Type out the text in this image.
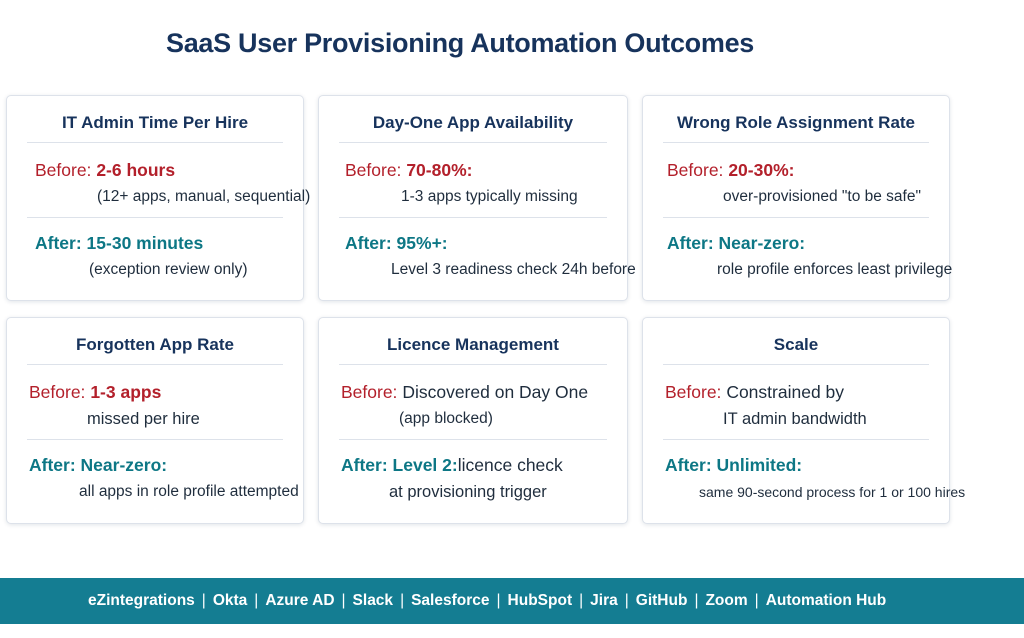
SaaS User Provisioning Automation Outcomes
IT Admin Time Per Hire
Before: 2-6 hours
(12+ apps, manual, sequential)
After: 15-30 minutes
(exception review only)
Day-One App Availability
Before: 70-80%:
1-3 apps typically missing
After: 95%+:
Level 3 readiness check 24h before
Wrong Role Assignment Rate
Before: 20-30%:
over-provisioned "to be safe"
After: Near-zero:
role profile enforces least privilege
Forgotten App Rate
Before: 1-3 apps
missed per hire
After: Near-zero:
all apps in role profile attempted
Licence Management
Before: Discovered on Day One
(app blocked)
After: Level 2:licence check
at provisioning trigger
Scale
Before: Constrained by
IT admin bandwidth
After: Unlimited:
same 90-second process for 1 or 100 hires
eZintegrations | Okta | Azure AD | Slack | Salesforce | HubSpot | Jira | GitHub | Zoom | Automation Hub
